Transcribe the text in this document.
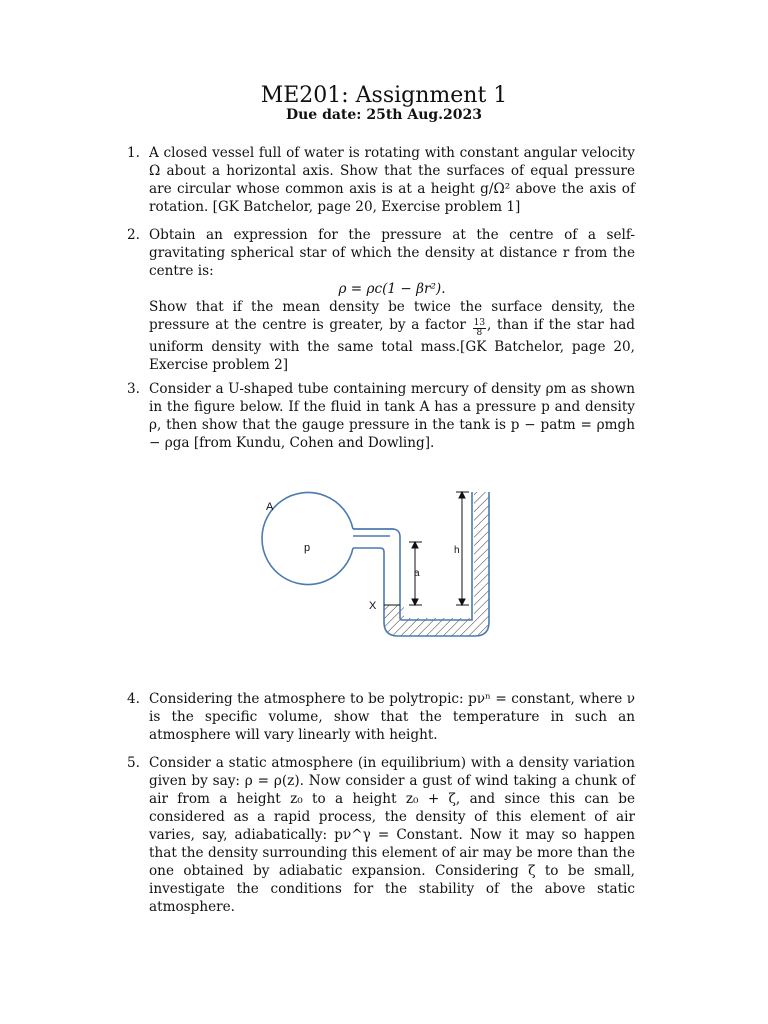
ME201: Assignment 1
Due date: 25th Aug.2023
1. A closed vessel full of water is rotating with constant angular velocity Ω about a horizontal axis. Show that the surfaces of equal pressure are circular whose common axis is at a height g/Ω² above the axis of rotation. [GK Batchelor, page 20, Exercise problem 1]

2. Obtain an expression for the pressure at the centre of a self-gravitating spherical star of which the density at distance r from the centre is:

ρ = ρc(1 − βr²).

Show that if the mean density be twice the surface density, the pressure at the centre is greater, by a factor $\frac{13}{8}$ , than if the star had uniform density with the same total mass.[GK Batchelor, page 20, Exercise problem 2]

3. Consider a U-shaped tube containing mercury of density ρm as shown in the figure below. If the fluid in tank A has a pressure p and density ρ, then show that the gauge pressure in the tank is p − patm = ρmgh − ρga [from Kundu, Cohen and Dowling].

A
p
a
h
X
4. Considering the atmosphere to be polytropic: pνⁿ = constant, where ν is the specific volume, show that the temperature in such an atmosphere will vary linearly with height.

5. Consider a static atmosphere (in equilibrium) with a density variation given by say: ρ = ρ(z). Now consider a gust of wind taking a chunk of air from a height z₀ to a height z₀ + ζ, and since this can be considered as a rapid process, the density of this element of air varies, say, adiabatically: pν^γ = Constant. Now it may so happen that the density surrounding this element of air may be more than the one obtained by adiabatic expansion. Considering ζ to be small, investigate the conditions for the stability of the above static atmosphere.
